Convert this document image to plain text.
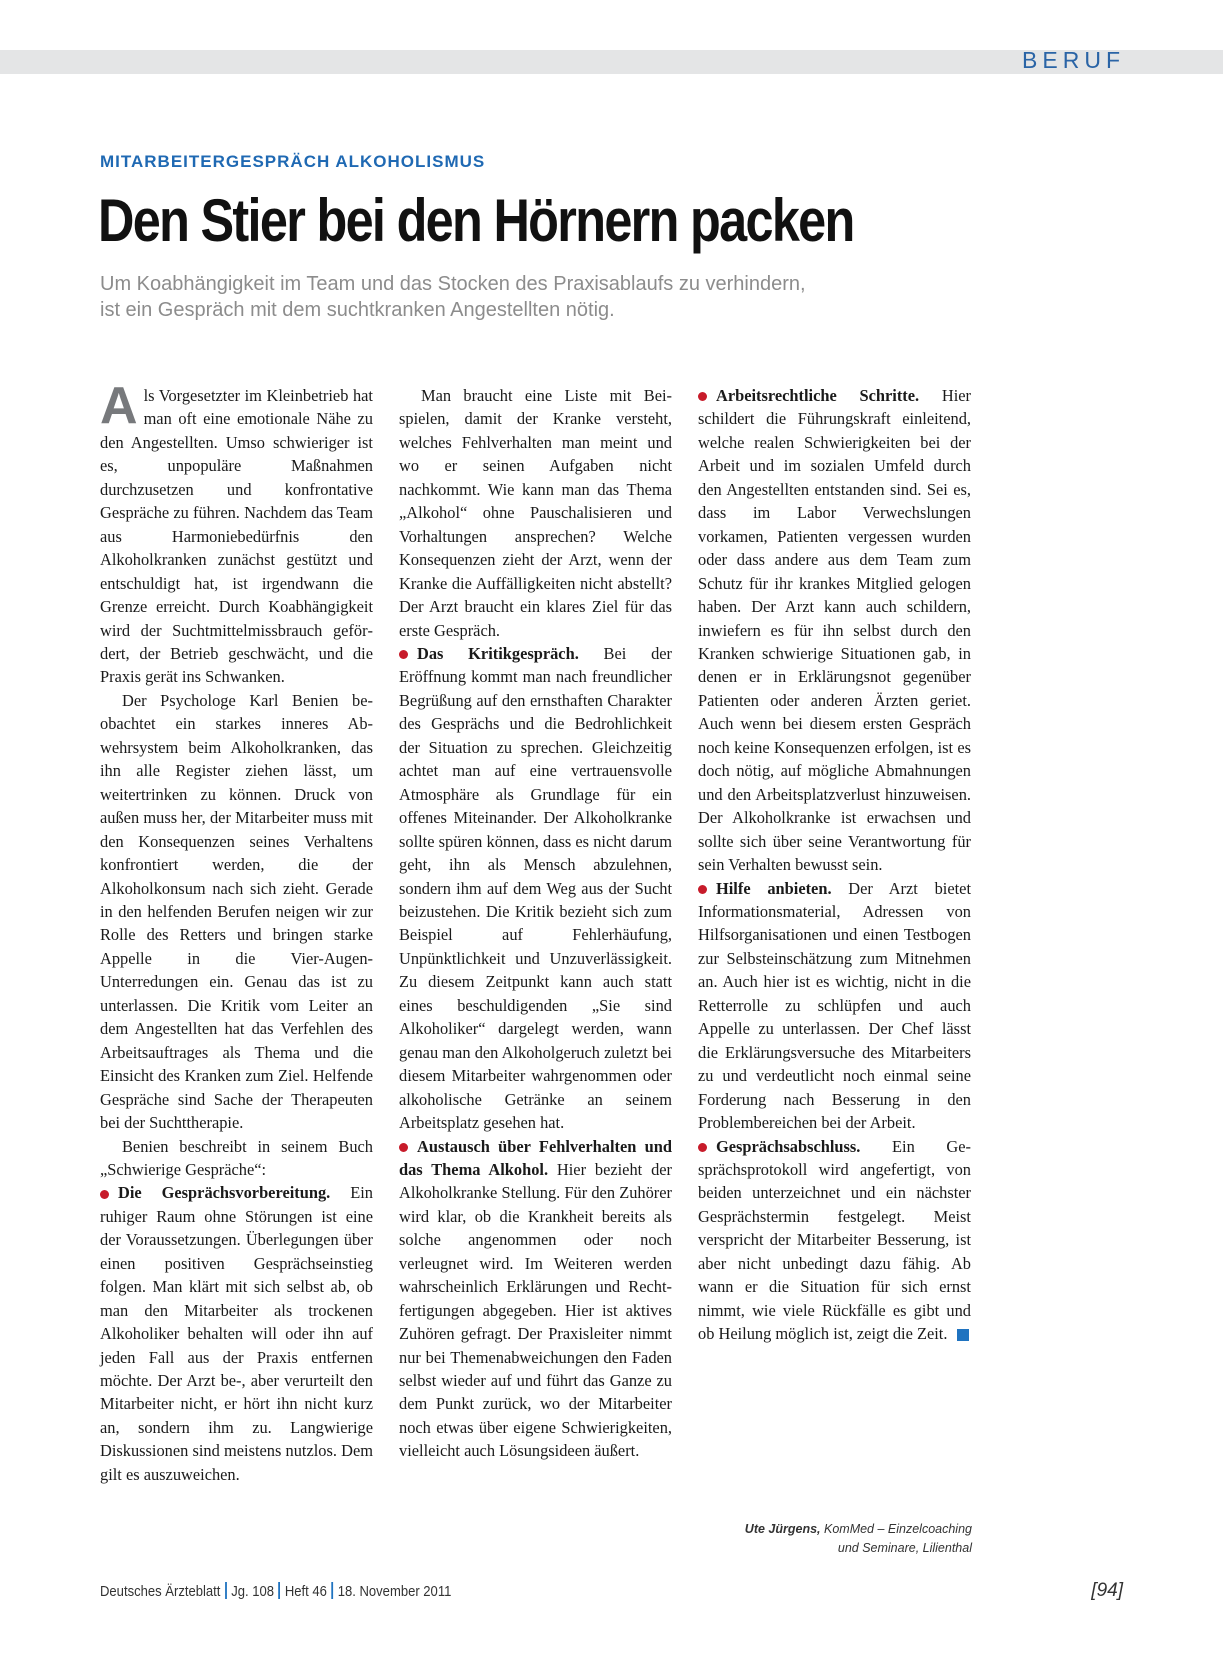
BERUF
MITARBEITERGESPRÄCH ALKOHOLISMUS
Den Stier bei den Hörnern packen
Um Koabhängigkeit im Team und das Stocken des Praxisablaufs zu verhindern,
ist ein Gespräch mit dem suchtkranken Angestellten nötig.

Als Vorgesetzter im Kleinbetrieb hat man oft eine emotionale Nähe zu den Angestellten. Umso schwieriger ist es, unpopuläre Maßnahmen durchzusetzen und konfrontative Gespräche zu führen. Nachdem das Team aus Harmoniebedürfnis den Alkoholkranken zunächst gestützt und entschuldigt hat, ist irgendwann die Grenze erreicht. Durch Koabhängigkeit wird der Suchtmittelmissbrauch gefördert, der Betrieb geschwächt, und die Praxis gerät ins Schwanken.

Der Psychologe Karl Benien beobachtet ein starkes inneres Abwehrsystem beim Alkoholkranken, das ihn alle Register ziehen lässt, um weitertrinken zu können. Druck von außen muss her, der Mitarbeiter muss mit den Konsequenzen seines Verhaltens konfrontiert werden, die der Alkoholkonsum nach sich zieht. Gerade in den helfenden Berufen neigen wir zur Rolle des Retters und bringen starke Appelle in die Vier-Augen-Unterredungen ein. Genau das ist zu unterlassen. Die Kritik vom Leiter an dem Angestellten hat das Verfehlen des Arbeitsauftrages als Thema und die Einsicht des Kranken zum Ziel. Helfende Gespräche sind Sache der Therapeuten bei der Suchttherapie.

Benien beschreibt in seinem Buch „Schwierige Gespräche“:

Die Gesprächsvorbereitung. Ein ruhiger Raum ohne Störungen ist eine der Voraussetzungen. Überlegungen über einen positiven Gesprächseinstieg folgen. Man klärt mit sich selbst ab, ob man den Mitarbeiter als trockenen Alkoholiker behalten will oder ihn auf jeden Fall aus der Praxis entfernen möchte. Der Arzt be-, aber verurteilt den Mitarbeiter nicht, er hört ihn nicht kurz an, sondern ihm zu. Langwierige Diskussionen sind meistens nutzlos. Dem gilt es auszuweichen.

Man braucht eine Liste mit Beispielen, damit der Kranke versteht, welches Fehlverhalten man meint und wo er seinen Aufgaben nicht nachkommt. Wie kann man das Thema „Alkohol“ ohne Pauschalisieren und Vorhaltungen ansprechen? Welche Konsequenzen zieht der Arzt, wenn der Kranke die Auffälligkeiten nicht abstellt? Der Arzt braucht ein klares Ziel für das erste Gespräch.

Das Kritikgespräch. Bei der Eröffnung kommt man nach freundlicher Begrüßung auf den ernsthaften Charakter des Gesprächs und die Bedrohlichkeit der Situation zu sprechen. Gleichzeitig achtet man auf eine vertrauensvolle Atmosphäre als Grundlage für ein offenes Miteinander. Der Alkoholkranke sollte spüren können, dass es nicht darum geht, ihn als Mensch abzulehnen, sondern ihm auf dem Weg aus der Sucht beizustehen. Die Kritik bezieht sich zum Beispiel auf Fehlerhäufung, Unpünktlichkeit und Unzuverlässigkeit. Zu diesem Zeitpunkt kann auch statt eines beschuldigenden „Sie sind Alkoholiker“ dargelegt werden, wann genau man den Alkoholgeruch zuletzt bei diesem Mitarbeiter wahrgenommen oder alkoholische Getränke an seinem Arbeitsplatz gesehen hat.

Austausch über Fehlverhalten und das Thema Alkohol. Hier bezieht der Alkoholkranke Stellung. Für den Zuhörer wird klar, ob die Krankheit bereits als solche angenommen oder noch verleugnet wird. Im Weiteren werden wahrscheinlich Erklärungen und Rechtfertigungen abgegeben. Hier ist aktives Zuhören gefragt. Der Praxisleiter nimmt nur bei Themenabweichungen den Faden selbst wieder auf und führt das Ganze zu dem Punkt zurück, wo der Mitarbeiter noch etwas über eigene Schwierigkeiten, vielleicht auch Lösungsideen äußert.

Arbeitsrechtliche Schritte. Hier schildert die Führungskraft einleitend, welche realen Schwierigkeiten bei der Arbeit und im sozialen Umfeld durch den Angestellten entstanden sind. Sei es, dass im Labor Verwechslungen vorkamen, Patienten vergessen wurden oder dass andere aus dem Team zum Schutz für ihr krankes Mitglied gelogen haben. Der Arzt kann auch schildern, inwiefern es für ihn selbst durch den Kranken schwierige Situationen gab, in denen er in Erklärungsnot gegenüber Patienten oder anderen Ärzten geriet. Auch wenn bei diesem ersten Gespräch noch keine Konsequenzen erfolgen, ist es doch nötig, auf mögliche Abmahnungen und den Arbeitsplatzverlust hinzuweisen. Der Alkoholkranke ist erwachsen und sollte sich über seine Verantwortung für sein Verhalten bewusst sein.

Hilfe anbieten. Der Arzt bietet Informationsmaterial, Adressen von Hilfsorganisationen und einen Testbogen zur Selbsteinschätzung zum Mitnehmen an. Auch hier ist es wichtig, nicht in die Retterrolle zu schlüpfen und auch Appelle zu unterlassen. Der Chef lässt die Erklärungsversuche des Mitarbeiters zu und verdeutlicht noch einmal seine Forderung nach Besserung in den Problembereichen bei der Arbeit.

Gesprächsabschluss. Ein Gesprächsprotokoll wird angefertigt, von beiden unterzeichnet und ein nächster Gesprächstermin festgelegt. Meist verspricht der Mitarbeiter Besserung, ist aber nicht unbedingt dazu fähig. Ab wann er die Situation für sich ernst nimmt, wie viele Rückfälle es gibt und ob Heilung möglich ist, zeigt die Zeit.

Ute Jürgens, KomMed – Einzelcoaching
und Seminare, Lilienthal
Deutsches Ärzteblatt Jg. 108 Heft 46 18. November 2011	[94]
